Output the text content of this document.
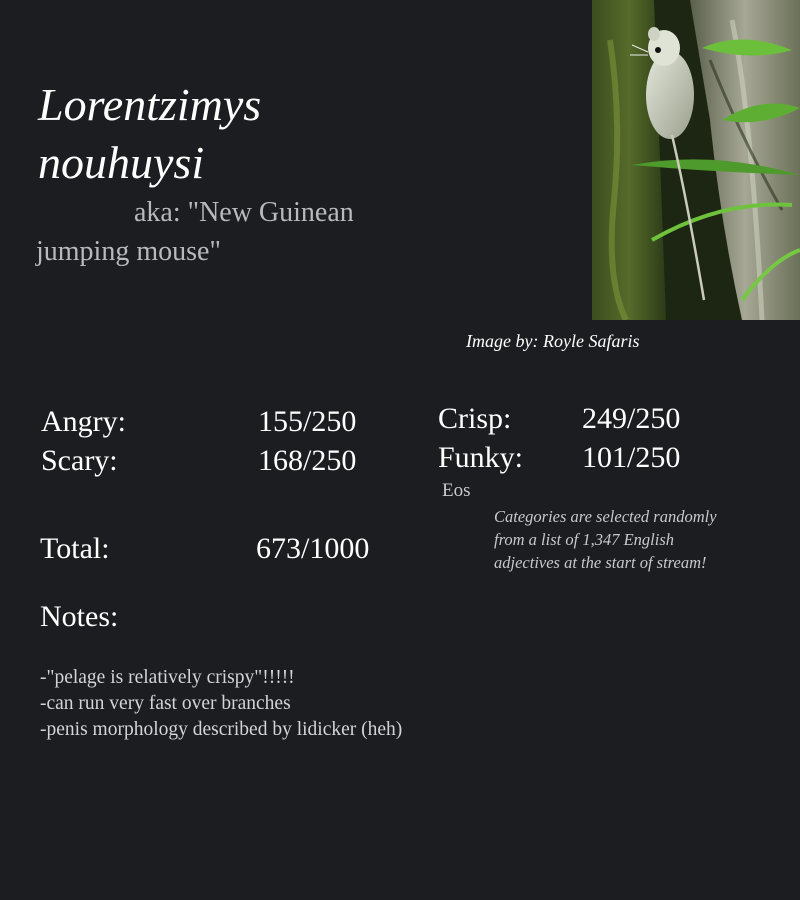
Lorentzimys nouhuysi
aka: "New Guinean jumping mouse"
Image by: Royle Safaris
Angry:	155/250
Scary:	168/250
Crisp: 249/250
Funky: 101/250
Eos
Categories are selected randomly from a list of 1,347 English adjectives at the start of stream!
Total:	673/1000
Notes:
-"pelage is relatively crispy"!!!!!
-can run very fast over branches
-penis morphology described by lidicker (heh)
